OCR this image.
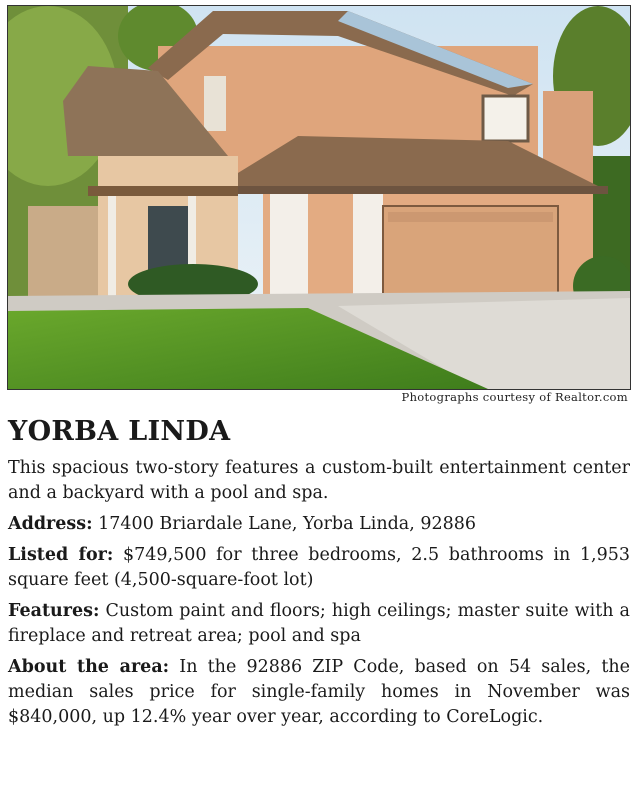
Photographs courtesy of Realtor.com
YORBA LINDA

This spacious two-story features a custom-built entertainment center and a backyard with a pool and spa.

Address: 17400 Briardale Lane, Yorba Linda, 92886

Listed for: $749,500 for three bedrooms, 2.5 bathrooms in 1,953 square feet (4,500-square-foot lot)

Features: Custom paint and floors; high ceilings; master suite with a fireplace and retreat area; pool and spa

About the area: In the 92886 ZIP Code, based on 54 sales, the median sales price for single-family homes in November was $840,000, up 12.4% year over year, according to CoreLogic.
